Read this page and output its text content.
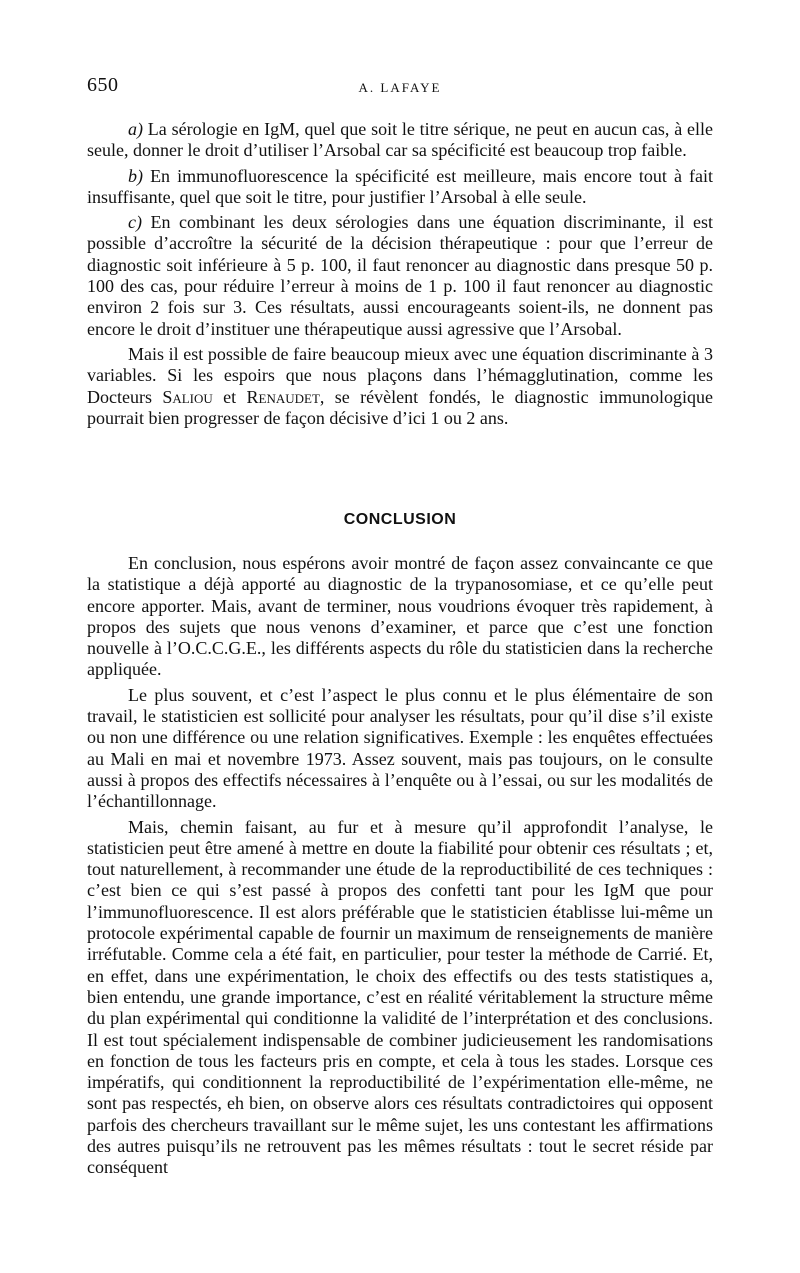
650	A. LAFAYE

a) La sérologie en IgM, quel que soit le titre sérique, ne peut en aucun cas, à elle seule, donner le droit d’utiliser l’Arsobal car sa spécificité est beaucoup trop faible.

b) En immunofluorescence la spécificité est meilleure, mais encore tout à fait insuffisante, quel que soit le titre, pour justifier l’Arsobal à elle seule.

c) En combinant les deux sérologies dans une équation discriminante, il est possible d’accroître la sécurité de la décision thérapeutique : pour que l’erreur de diagnostic soit inférieure à 5 p. 100, il faut renoncer au diagnostic dans presque 50 p. 100 des cas, pour réduire l’erreur à moins de 1 p. 100 il faut renoncer au diagnostic environ 2 fois sur 3. Ces résultats, aussi encourageants soient-ils, ne donnent pas encore le droit d’instituer une thérapeutique aussi agressive que l’Arsobal.

Mais il est possible de faire beaucoup mieux avec une équation discriminante à 3 variables. Si les espoirs que nous plaçons dans l’hémagglutination, comme les Docteurs Saliou et Renaudet, se révèlent fondés, le diagnostic immunologique pourrait bien progresser de façon décisive d’ici 1 ou 2 ans.

CONCLUSION

En conclusion, nous espérons avoir montré de façon assez convaincante ce que la statistique a déjà apporté au diagnostic de la trypanosomiase, et ce qu’elle peut encore apporter. Mais, avant de terminer, nous voudrions évoquer très rapidement, à propos des sujets que nous venons d’examiner, et parce que c’est une fonction nouvelle à l’O.C.C.G.E., les différents aspects du rôle du statisticien dans la recherche appliquée.

Le plus souvent, et c’est l’aspect le plus connu et le plus élémentaire de son travail, le statisticien est sollicité pour analyser les résultats, pour qu’il dise s’il existe ou non une différence ou une relation significatives. Exemple : les enquêtes effectuées au Mali en mai et novembre 1973. Assez souvent, mais pas toujours, on le consulte aussi à propos des effectifs nécessaires à l’enquête ou à l’essai, ou sur les modalités de l’échantillonnage.

Mais, chemin faisant, au fur et à mesure qu’il approfondit l’analyse, le statisticien peut être amené à mettre en doute la fiabilité pour obtenir ces résultats ; et, tout naturellement, à recommander une étude de la reproductibilité de ces techniques : c’est bien ce qui s’est passé à propos des confetti tant pour les IgM que pour l’immunofluorescence. Il est alors préférable que le statisticien établisse lui-même un protocole expérimental capable de fournir un maximum de renseignements de manière irréfutable. Comme cela a été fait, en particulier, pour tester la méthode de Carrié. Et, en effet, dans une expérimentation, le choix des effectifs ou des tests statistiques a, bien entendu, une grande importance, c’est en réalité véritablement la structure même du plan expérimental qui conditionne la validité de l’interprétation et des conclusions. Il est tout spécialement indispensable de combiner judicieusement les randomisations en fonction de tous les facteurs pris en compte, et cela à tous les stades. Lorsque ces impératifs, qui conditionnent la reproductibilité de l’expérimentation elle-même, ne sont pas respectés, eh bien, on observe alors ces résultats contradictoires qui opposent parfois des chercheurs travaillant sur le même sujet, les uns contestant les affirmations des autres puisqu’ils ne retrouvent pas les mêmes résultats : tout le secret réside par conséquent
